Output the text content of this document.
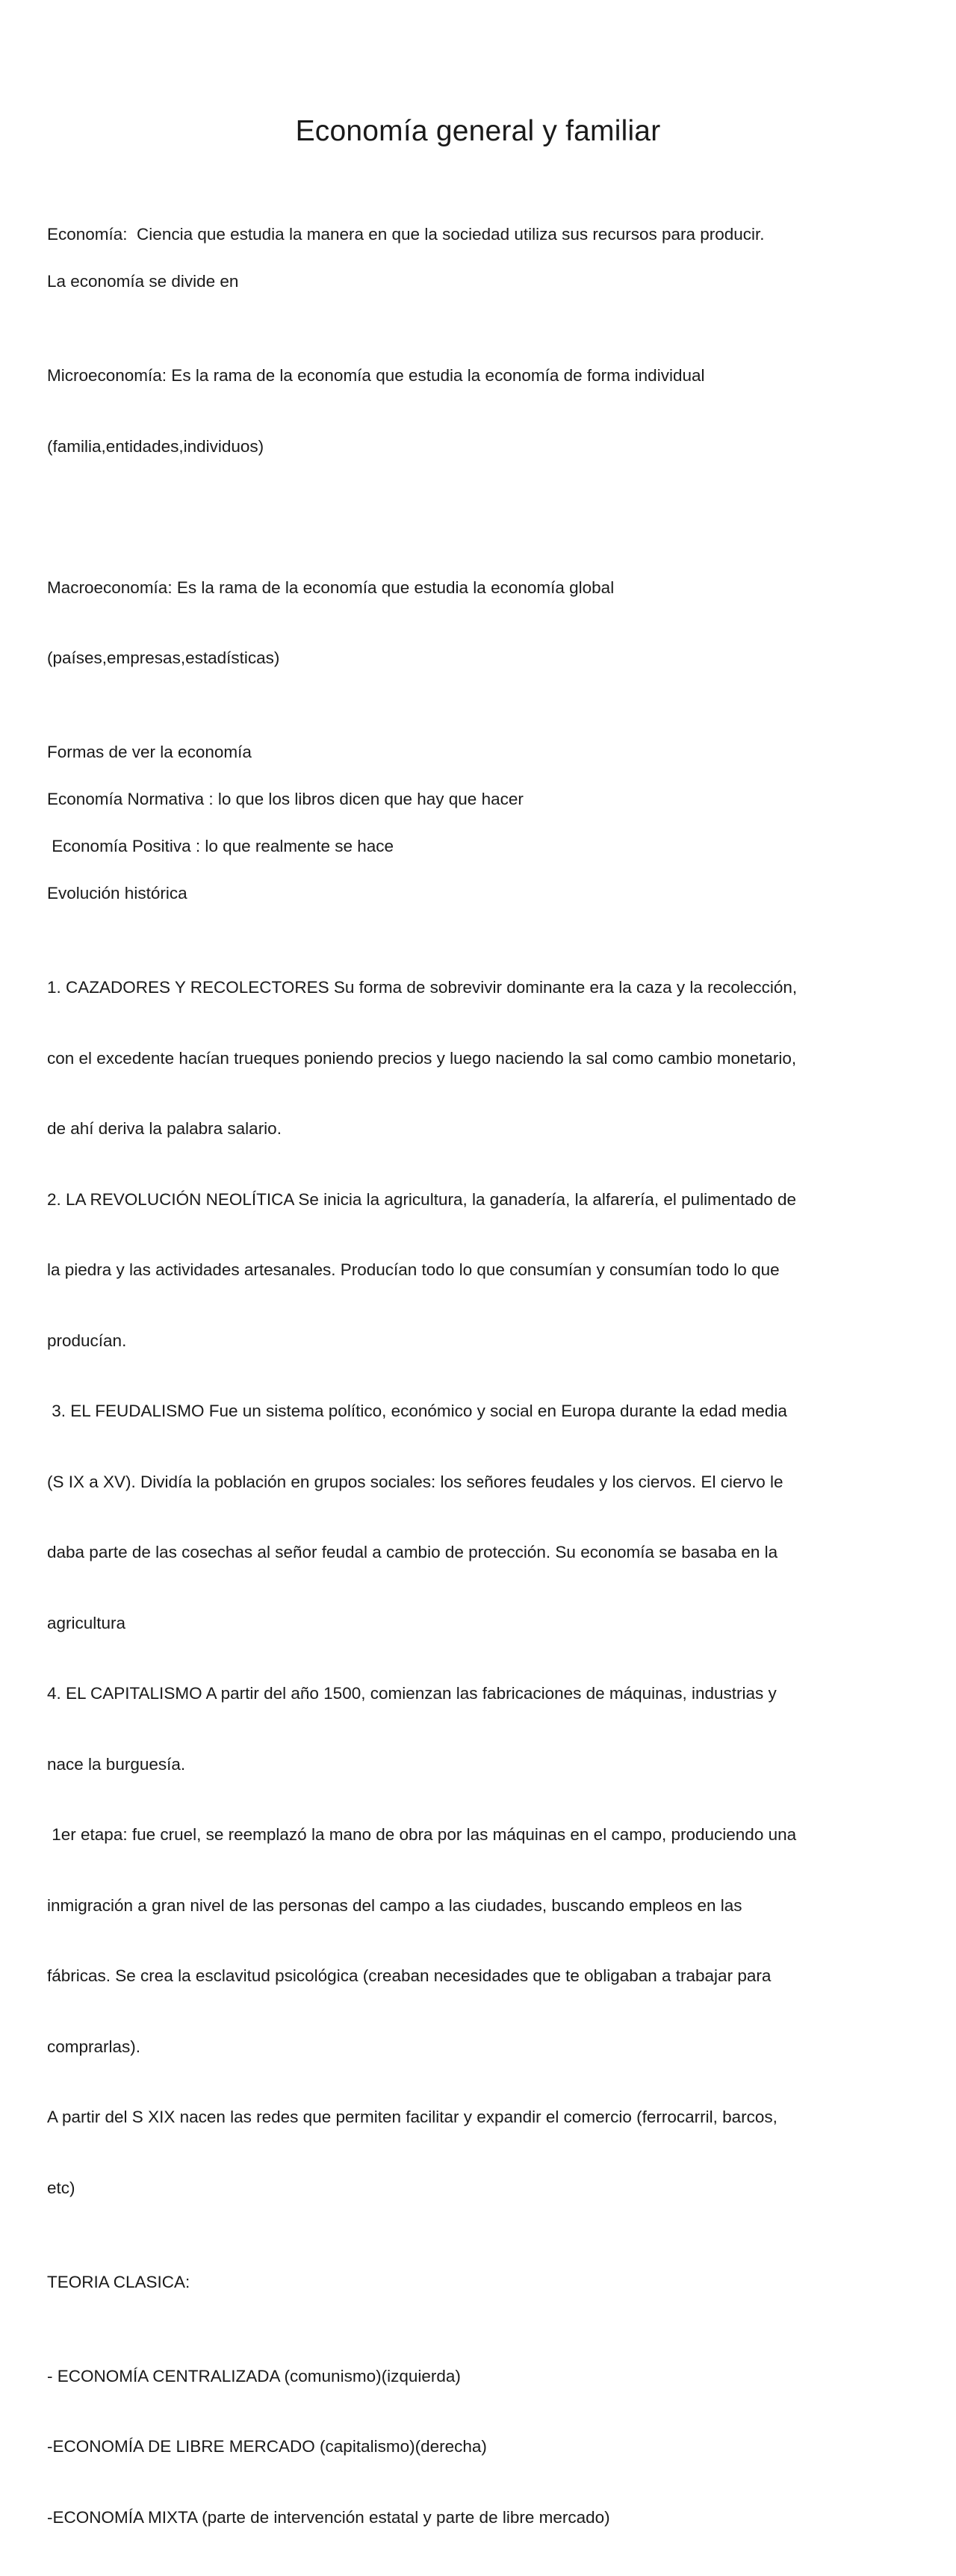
Economía general y familiar

Economía:  Ciencia que estudia la manera en que la sociedad utiliza sus recursos para producir.

La economía se divide en

Microeconomía: Es la rama de la economía que estudia la economía de forma individual

(familia,entidades,individuos)

Macroeconomía: Es la rama de la economía que estudia la economía global

(países,empresas,estadísticas)

Formas de ver la economía

Economía Normativa : lo que los libros dicen que hay que hacer

Economía Positiva : lo que realmente se hace

Evolución histórica

1. CAZADORES Y RECOLECTORES Su forma de sobrevivir dominante era la caza y la recolección,

con el excedente hacían trueques poniendo precios y luego naciendo la sal como cambio monetario,

de ahí deriva la palabra salario.

2. LA REVOLUCIÓN NEOLÍTICA Se inicia la agricultura, la ganadería, la alfarería, el pulimentado de

la piedra y las actividades artesanales. Producían todo lo que consumían y consumían todo lo que

producían.

3. EL FEUDALISMO Fue un sistema político, económico y social en Europa durante la edad media

(S IX a XV). Dividía la población en grupos sociales: los señores feudales y los ciervos. El ciervo le

daba parte de las cosechas al señor feudal a cambio de protección. Su economía se basaba en la

agricultura

4. EL CAPITALISMO A partir del año 1500, comienzan las fabricaciones de máquinas, industrias y

nace la burguesía.

1er etapa: fue cruel, se reemplazó la mano de obra por las máquinas en el campo, produciendo una

inmigración a gran nivel de las personas del campo a las ciudades, buscando empleos en las

fábricas. Se crea la esclavitud psicológica (creaban necesidades que te obligaban a trabajar para

comprarlas).

A partir del S XIX nacen las redes que permiten facilitar y expandir el comercio (ferrocarril, barcos,

etc)

TEORIA CLASICA:

- ECONOMÍA CENTRALIZADA (comunismo)(izquierda)

-ECONOMÍA DE LIBRE MERCADO (capitalismo)(derecha)

-ECONOMÍA MIXTA (parte de intervención estatal y parte de libre mercado)
